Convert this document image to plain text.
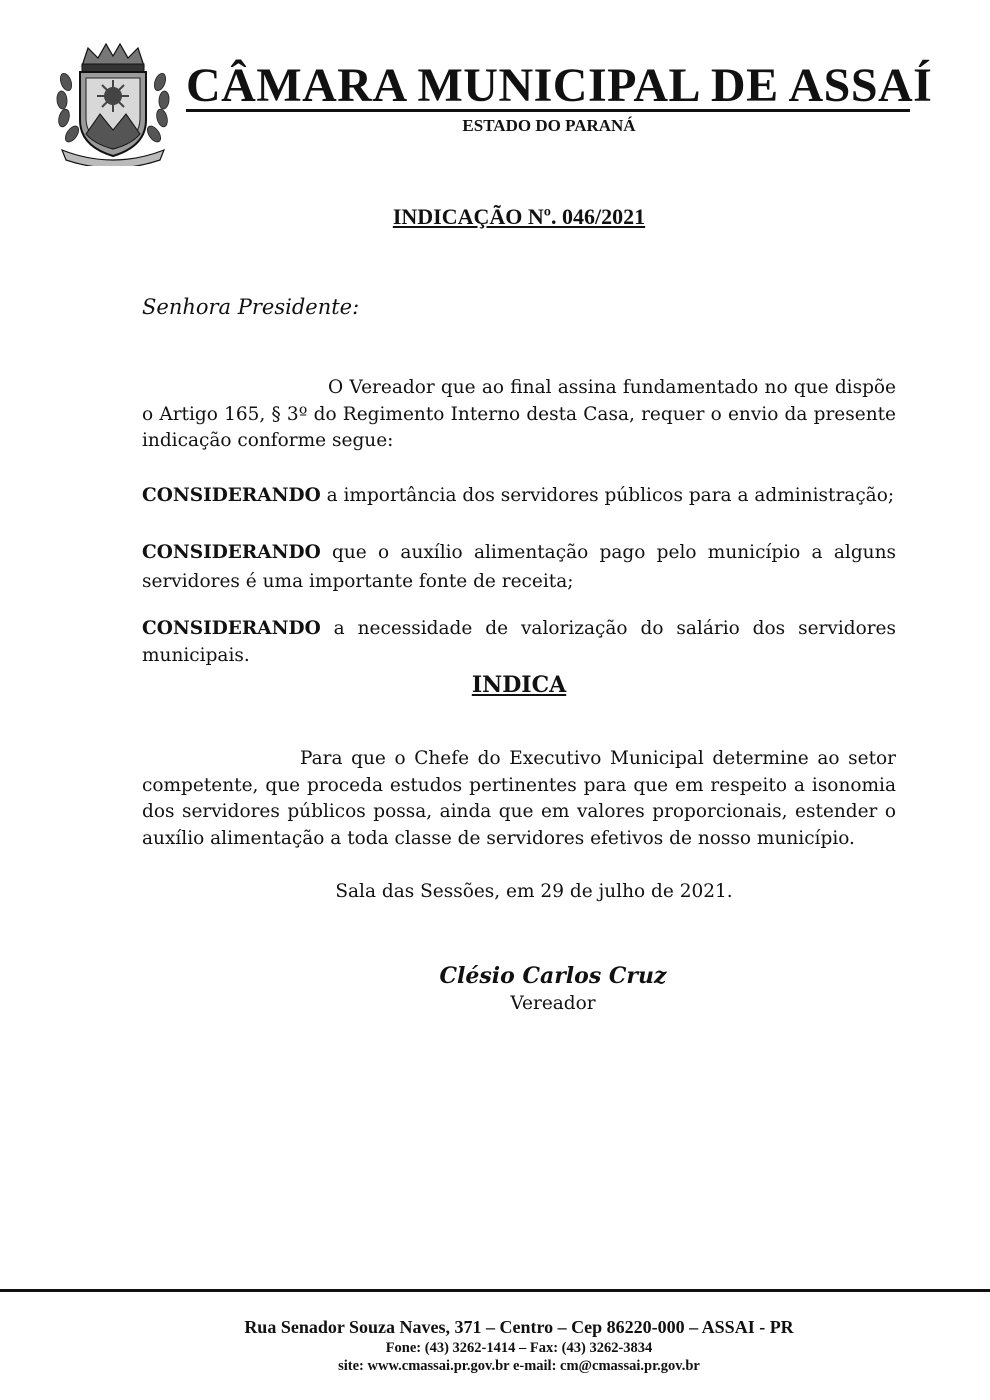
CÂMARA MUNICIPAL DE ASSAÍ
ESTADO DO PARANÁ
INDICAÇÃO Nº. 046/2021
Senhora Presidente:
O Vereador que ao final assina fundamentado no que dispõe o Artigo 165, § 3º do Regimento Interno desta Casa, requer o envio da presente indicação conforme segue:
CONSIDERANDO a importância dos servidores públicos para a administração;
CONSIDERANDO que o auxílio alimentação pago pelo município a alguns servidores é uma importante fonte de receita;
CONSIDERANDO a necessidade de valorização do salário dos servidores municipais.
INDICA
Para que o Chefe do Executivo Municipal determine ao setor competente, que proceda estudos pertinentes para que em respeito a isonomia dos servidores públicos possa, ainda que em valores proporcionais, estender o auxílio alimentação a toda classe de servidores efetivos de nosso município.
Sala das Sessões, em 29 de julho de 2021.
Clésio Carlos Cruz
Vereador
Rua Senador Souza Naves, 371 – Centro – Cep 86220-000 – ASSAI - PR
Fone: (43) 3262-1414 – Fax: (43) 3262-3834
site: www.cmassai.pr.gov.br e-mail: cm@cmassai.pr.gov.br
